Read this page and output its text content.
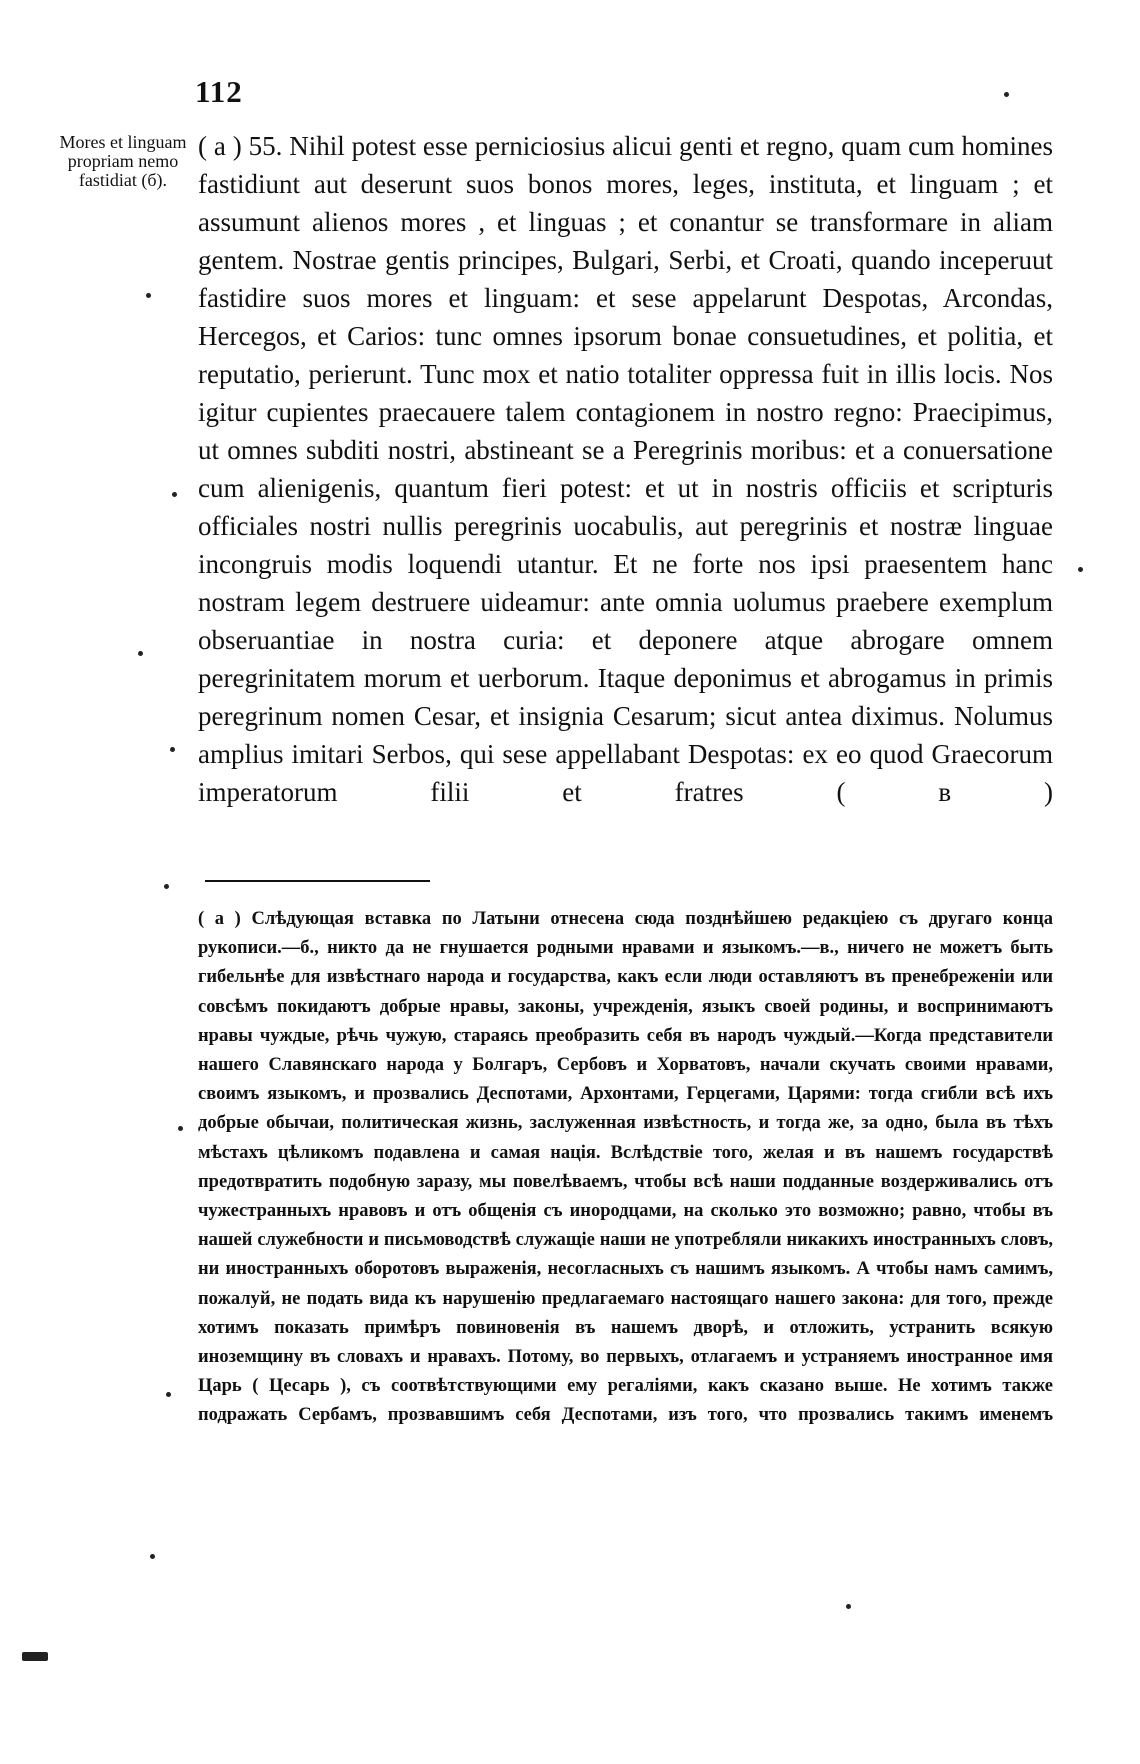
112
Mores et lingua​m propriam nemo fastidiat (б).

( a ) 55. Nihil potest esse perniciosius alicui genti et regno, quam cum homines fastidiunt aut deserunt suos bonos mores, leges, instituta, et linguam ; et assumunt alienos mores , et linguas ; et conantur se transformare in aliam gentem. Nostrae gentis principes, Bulgari, Serbi, et Croati, quando inceperuut fastidire suos mores et linguam: et sese appelarunt Despotas, Arcondas, Hercegos, et Carios: tunc omnes ipsorum bonae consuetudines, et politia, et reputatio, perierunt. Tunc mox et natio totaliter oppressa fuit in illis locis. Nos igitur cupientes praecauere talem contagionem in nostro regno: Praecipimus, ut omnes subditi nostri, abstineant se a Peregrinis moribus: et a conuersatione cum alienigenis, quantum fieri potest: et ut in nostris officiis et scripturis officiales nostri nullis peregrinis uocabulis, aut peregrinis et nostræ linguae incongruis modis loquendi utantur. Et ne forte nos ipsi praesentem hanc nostram legem destruere uideamur: ante omnia uolumus praebere exemplum obseruantiae in nostra curia: et deponere atque abrogare omnem peregrinitatem morum et uerborum. Itaque deponimus et abrogamus in primis peregrinum nomen Cesar, et insignia Cesarum; sicut antea diximus. Nolumus amplius imitari Serbos, qui sese appellabant Despotas: ex eo quod Graecorum imperatorum filii et fratres ( в )

( a ) Слѣдующая вставка по Латыни отнесена сюда позднѣйшею редакціею съ другаго конца рукописи.—б., никто да не гнушается родными нравами и языкомъ.—в., ничего не можетъ быть гибельнѣе для извѣстнаго народа и государства, какъ если люди оставляютъ въ пренебреженіи или совсѣмъ покидаютъ добрые нравы, законы, учрежденія, языкъ своей родины, и воспринимаютъ нравы чуждые, рѣчь чужую, стараясь преобразить себя въ народъ чуждый.—Когда представители нашего Славянскаго народа у Болгаръ, Сербовъ и Хорватовъ, начали скучать своими нравами, своимъ языкомъ, и прозвались Деспотами, Архонтами, Герцегами, Царями: тогда сгибли всѣ ихъ добрые обычаи, политическая жизнь, заслуженная извѣстность, и тогда же, за одно, была въ тѣхъ мѣстахъ цѣликомъ подавлена и самая нація. Вслѣдствіе того, желая и въ нашемъ государствѣ предотвратить подобную заразу, мы повелѣваемъ, чтобы всѣ наши подданные воздерживались отъ чужестранныхъ нравовъ и отъ общенія съ инородцами, на сколько это возможно; равно, чтобы въ нашей служебности и письмоводствѣ служащіе наши не употребляли никакихъ иностранныхъ словъ, ни иностранныхъ оборотовъ выраженія, несогласныхъ съ нашимъ языкомъ. А чтобы намъ самимъ, пожалуй, не подать вида къ нарушенію предлагаемаго настоящаго нашего закона: для того, прежде хотимъ показать примѣръ повиновенія въ нашемъ дворѣ, и отложить, устранить всякую иноземщину въ словахъ и нравахъ. Потому, во первыхъ, отлагаемъ и устраняемъ иностранное имя Царь ( Цесарь ), съ соотвѣтствующими ему регаліями, какъ сказано выше. Не хотимъ также подражать Сербамъ, прозвавшимъ себя Деспотами, изъ того, что прозвались такимъ именемъ
